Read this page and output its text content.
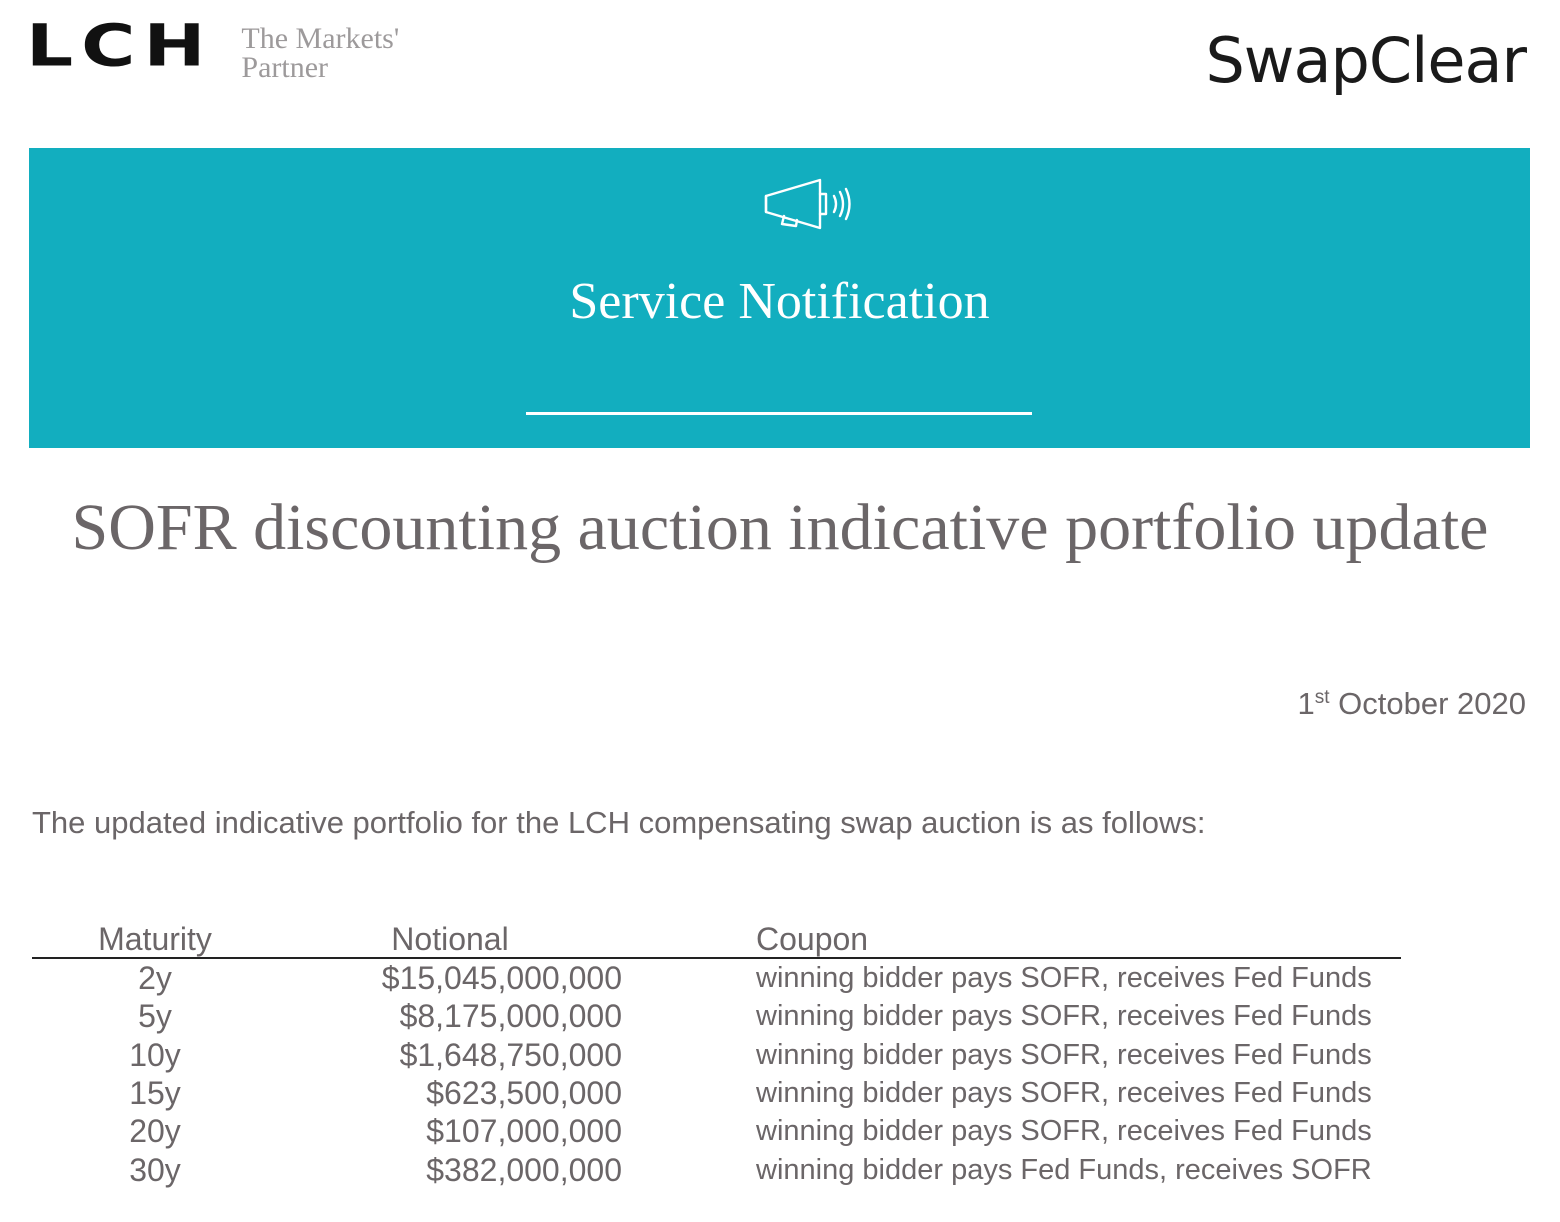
LCH The Markets'
Partner	SwapClear
Service Notification
SOFR discounting auction indicative portfolio update
1st October 2020
The updated indicative portfolio for the LCH compensating swap auction is as follows:
Maturity	Notional	Coupon
2y	$15,045,000,000	winning bidder pays SOFR, receives Fed Funds
5y	$8,175,000,000	winning bidder pays SOFR, receives Fed Funds
10y	$1,648,750,000	winning bidder pays SOFR, receives Fed Funds
15y	$623,500,000	winning bidder pays SOFR, receives Fed Funds
20y	$107,000,000	winning bidder pays SOFR, receives Fed Funds
30y	$382,000,000	winning bidder pays Fed Funds, receives SOFR
